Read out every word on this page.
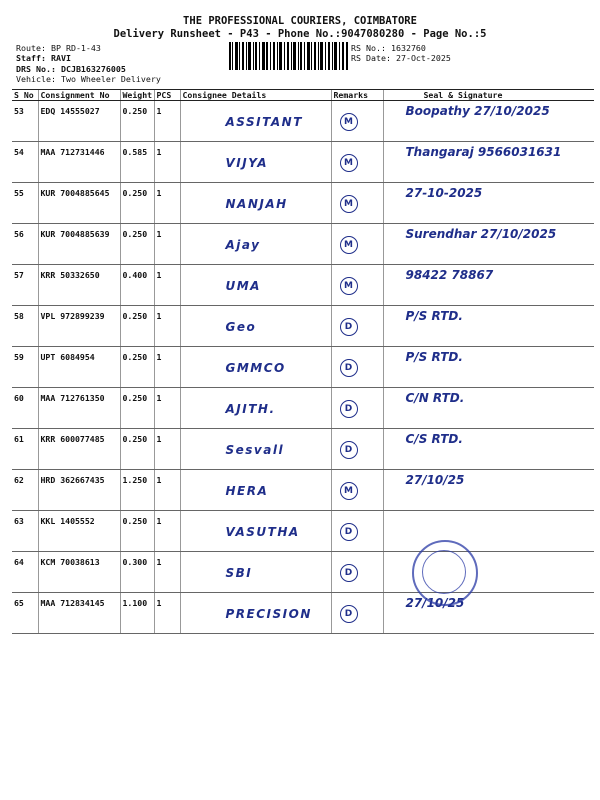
THE PROFESSIONAL COURIERS, COIMBATORE
Delivery Runsheet - P43 - Phone No.:9047080280 - Page No.:5
Route: BP RD-1-43
Staff: RAVI
DRS No.: DCJB163276005
Vehicle: Two Wheeler Delivery
RS No.: 1632760
RS Date: 27-Oct-2025
S No	Consignment No	Weight	PCS	Consignee Details	Remarks	Seal & Signature
53	EDQ 14555027	0.250	1	ASSITANT	M	Boopathy 27/10/2025

54	MAA 712731446	0.585	1	VIJYA	M	Thangaraj 9566031631

55	KUR 7004885645	0.250	1	NANJAH	M	27-10-2025

56	KUR 7004885639	0.250	1	Ajay	M	Surendhar 27/10/2025

57	KRR 50332650	0.400	1	UMA	M	98422 78867

58	VPL 972899239	0.250	1	Geo	D	P/S RTD.

59	UPT 6084954	0.250	1	GMMCO	D	P/S RTD.

60	MAA 712761350	0.250	1	AJITH.	D	C/N RTD.

61	KRR 600077485	0.250	1	Sesvall	D	C/S RTD.

62	HRD 362667435	1.250	1	HERA	M	27/10/25

63	KKL 1405552	0.250	1	VASUTHA	D	

64	KCM 70038613	0.300	1	SBI	D	

65	MAA 712834145	1.100	1	PRECISION	D	27/10/25
